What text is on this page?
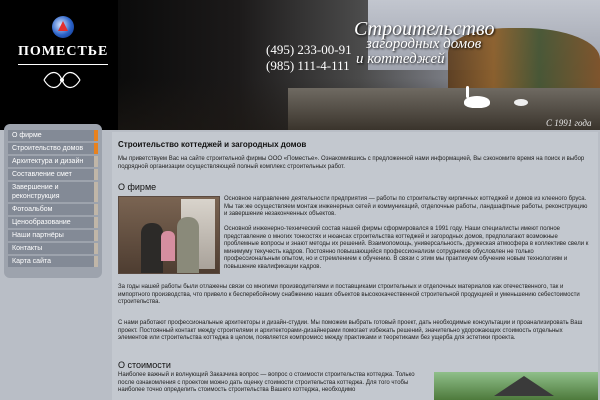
ПОМЕСТЬЕ	(495) 233-00-91
(985) 111-4-111
Строительство
загородных домов
и коттеджей
С 1991 года
О фирме
Строительство домов
Архитектура и дизайн
Составление смет
Завершение и реконструкция
Фотоальбом
Ценообразование
Наши партнёры
Контакты
Карта сайта
Строительство коттеджей и загородных домов
Мы приветствуем Вас на сайте строительной фирмы ООО «Поместье». Ознакомившись с предложенной нами информацией, Вы сэкономите время на поиск и выбор подрядной организации осуществляющей полный комплекс строительных работ.
О фирме
Основное направление деятельности предприятия — работы по строительству кирпичных коттеджей и домов из клееного бруса. Мы так же осуществляем монтаж инженерных сетей и коммуникаций, отделочные работы, ландшафтные работы, реконструкцию и завершение незаконченных объектов.
Основной инженерно-технический состав нашей фирмы сформировался в 1991 году. Наши специалисты имеют полное представление о многих тонкостях и нюансах строительства коттеджей и загородных домов, предполагают возможные проблемные вопросы и знают методы их решений. Взаимопомощь, универсальность, дружеская атмосфера в коллективе свели к минимуму текучесть кадров. Постоянно повышающийся профессионализм сотрудников обусловлен не только профессиональным опытом, но и стремлением к обучению. В связи с этим мы практикуем обучение новым технологиям и повышение квалификации кадров.
За годы нашей работы были отлажены связи со многими производителями и поставщиками строительных и отделочных материалов как отечественного, так и импортного производства, что привело к бесперебойному снабжению наших объектов высококачественной строительной продукцией и уменьшению себестоимости строительства.
С нами работают профессиональные архитекторы и дизайн-студии. Мы поможем выбрать готовый проект, дать необходимые консультации и проанализировать Ваш проект. Постоянный контакт между строителями и архитекторами-дизайнерами помогает избежать решений, значительно удорожающих стоимость отдельных элементов или строительства коттеджа в целом, появляется компромисс между практиками и теоретиками без ущерба для эстетики проекта.
О стоимости
Наиболее важный и волнующий Заказчика вопрос — вопрос о стоимости строительства коттеджа. Только после ознакомления с проектом можно дать оценку стоимости строительства коттеджа. Для того чтобы наиболее точно определить стоимость строительства Вашего коттеджа, необходимо
